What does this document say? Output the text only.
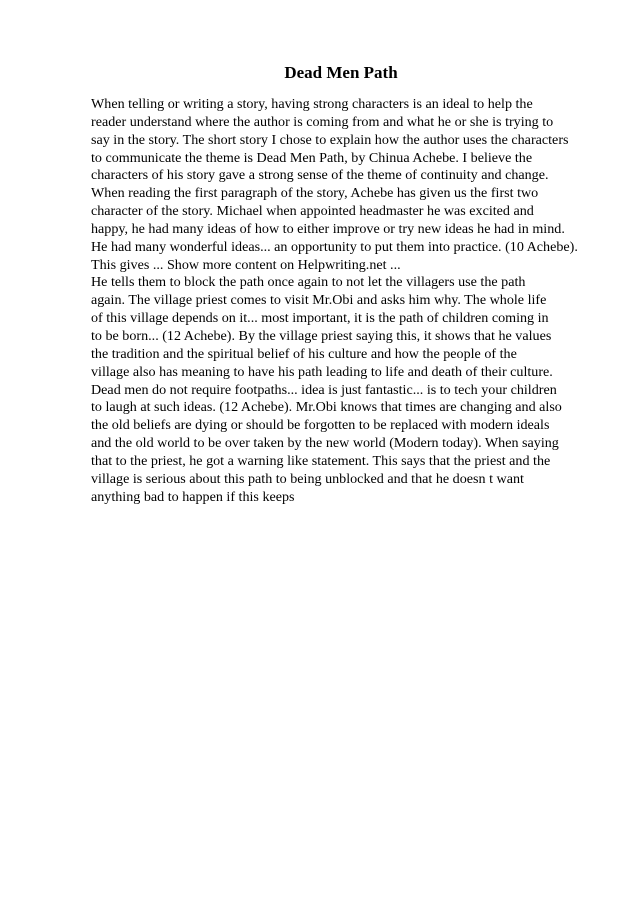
Dead Men Path
When telling or writing a story, having strong characters is an ideal to help the
reader understand where the author is coming from and what he or she is trying to
say in the story. The short story I chose to explain how the author uses the characters
to communicate the theme is Dead Men Path, by Chinua Achebe. I believe the
characters of his story gave a strong sense of the theme of continuity and change.
When reading the first paragraph of the story, Achebe has given us the first two
character of the story. Michael when appointed headmaster he was excited and
happy, he had many ideas of how to either improve or try new ideas he had in mind.
He had many wonderful ideas... an opportunity to put them into practice. (10 Achebe).
This gives ... Show more content on Helpwriting.net ...
He tells them to block the path once again to not let the villagers use the path
again. The village priest comes to visit Mr.Obi and asks him why. The whole life
of this village depends on it... most important, it is the path of children coming in
to be born... (12 Achebe). By the village priest saying this, it shows that he values
the tradition and the spiritual belief of his culture and how the people of the
village also has meaning to have his path leading to life and death of their culture.
Dead men do not require footpaths... idea is just fantastic... is to tech your children
to laugh at such ideas. (12 Achebe). Mr.Obi knows that times are changing and also
the old beliefs are dying or should be forgotten to be replaced with modern ideals
and the old world to be over taken by the new world (Modern today). When saying
that to the priest, he got a warning like statement. This says that the priest and the
village is serious about this path to being unblocked and that he doesn t want
anything bad to happen if this keeps
